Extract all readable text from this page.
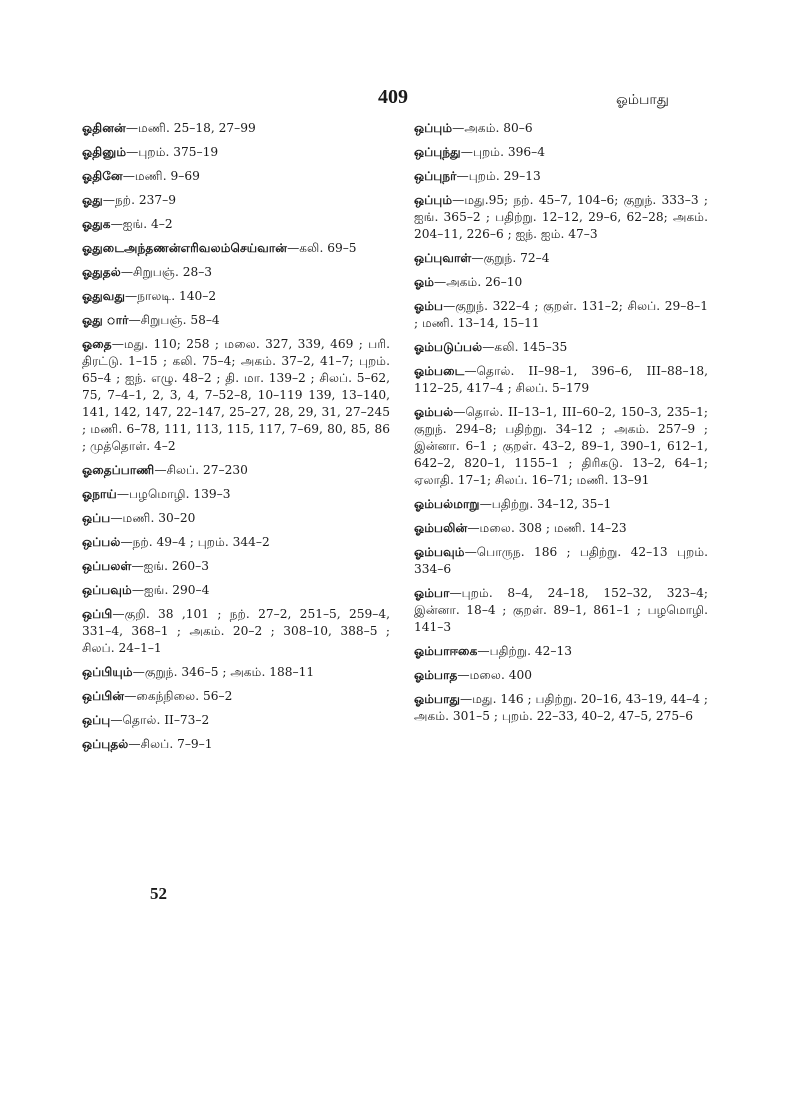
409	ஓம்பாது
ஓதினன்—மணி. 25–18, 27–99
ஓதினும்—புறம். 375–19
ஓதினே—மணி. 9–69
ஓது—நற். 237–9
ஓதுக—ஐங். 4–2
ஓதுடைஅந்தணன்எரிவலம்செய்வான்—கலி. 69–5
ஓதுதல்—சிறுபஞ். 28–3
ஓதுவது—நாலடி. 140–2
ஓது ார்—சிறுபஞ். 58–4
ஓதை—மது. 110; 258 ; மலை. 327, 339, 469 ; பரி. திரட்டு. 1–15 ; கலி. 75–4; அகம். 37–2, 41–7; புறம். 65–4 ; ஐந். எழு. 48–2 ; தி. மா. 139–2 ; சிலப். 5–62, 75, 7–4–1, 2, 3, 4, 7–52–8, 10–119 139, 13–140, 141, 142, 147, 22–147, 25–27, 28, 29, 31, 27–245 ; மணி. 6–78, 111, 113, 115, 117, 7–69, 80, 85, 86 ; முத்தொள். 4–2
ஓதைப்பாணி—சிலப். 27–230
ஓநாய்—பழமொழி. 139–3
ஒப்ப—மணி. 30–20
ஒப்பல்—நற். 49–4 ; புறம். 344–2
ஒப்பலள்—ஐங். 260–3
ஒப்பவும்—ஐங். 290–4
ஒப்பி—குறி. 38 ,101 ; நற். 27–2, 251–5, 259–4, 331–4, 368–1 ; அகம். 20–2 ; 308–10, 388–5 ; சிலப். 24–1–1
ஒப்பியும்—குறுந். 346–5 ; அகம். 188–11
ஒப்பின்—கைந்நிலை. 56–2
ஒப்பு—தொல். II–73–2
ஒப்புதல்—சிலப். 7–9–1
ஒப்பும்—அகம். 80–6
ஒப்புந்து—புறம். 396–4
ஒப்புநர்—புறம். 29–13
ஒப்பும்—மது.95; நற். 45–7, 104–6; குறுந். 333–3 ; ஐங். 365–2 ; பதிற்று. 12–12, 29–6, 62–28; அகம். 204–11, 226–6 ; ஐந். ஐம். 47–3
ஒப்புவாள்—குறுந். 72–4
ஓம்—அகம். 26–10
ஓம்ப—குறுந். 322–4 ; குறள். 131–2; சிலப். 29–8–1 ; மணி. 13–14, 15–11
ஓம்படுப்பல்—கலி. 145–35
ஓம்படை—தொல். II–98–1, 396–6, III–88–18, 112–25, 417–4 ; சிலப். 5–179
ஓம்பல்—தொல். II–13–1, III–60–2, 150–3, 235–1; குறுந். 294–8; பதிற்று. 34–12 ; அகம். 257–9 ; இன்னா. 6–1 ; குறள். 43–2, 89–1, 390–1, 612–1, 642–2, 820–1, 1155–1 ; திரிகடு. 13–2, 64–1; ஏலாதி. 17–1; சிலப். 16–71; மணி. 13–91
ஓம்பல்மாறு—பதிற்று. 34–12, 35–1
ஓம்பலின்—மலை. 308 ; மணி. 14–23
ஓம்பவும்—பொருந. 186 ; பதிற்று. 42–13 புறம். 334–6
ஓம்பா—புறம். 8–4, 24–18, 152–32, 323–4; இன்னா. 18–4 ; குறள். 89–1, 861–1 ; பழமொழி. 141–3
ஓம்பாஈகை—பதிற்று. 42–13
ஓம்பாத—மலை. 400
ஓம்பாது—மது. 146 ; பதிற்று. 20–16, 43–19, 44–4 ; அகம். 301–5 ; புறம். 22–33, 40–2, 47–5, 275–6
52
